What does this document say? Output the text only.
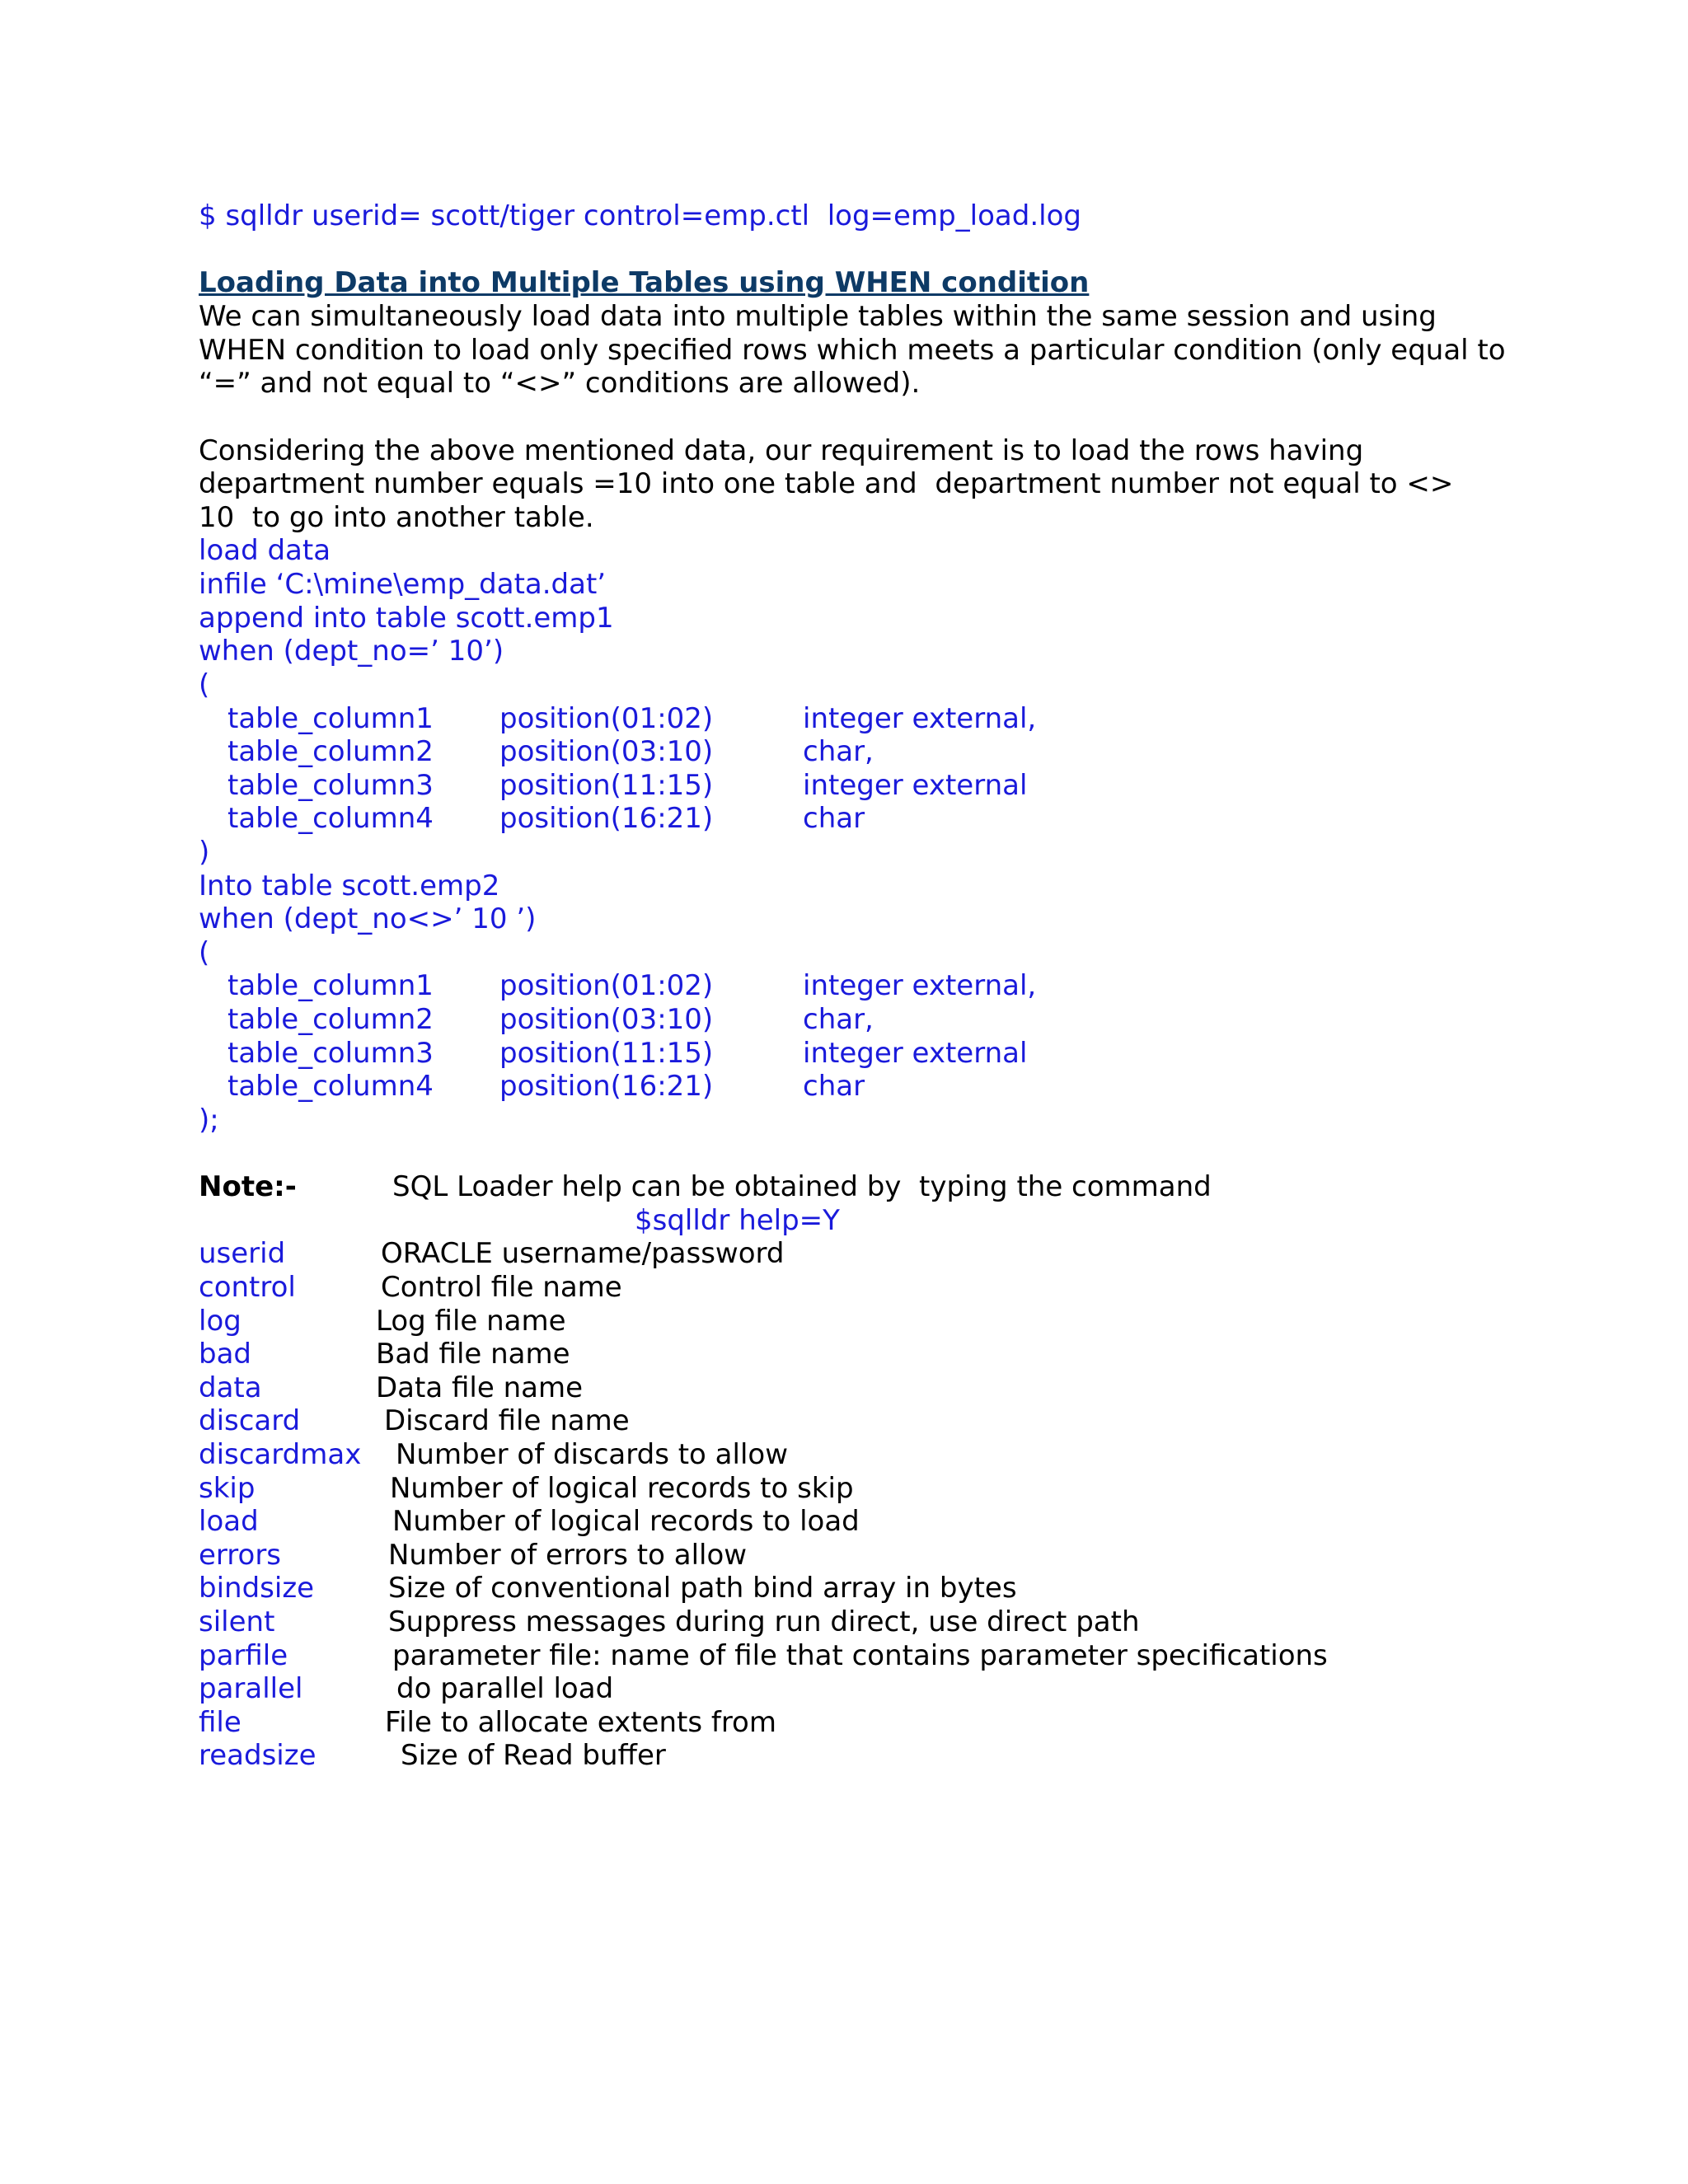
$ sqlldr userid= scott/tiger control=emp.ctl  log=emp_load.log
Loading Data into Multiple Tables using WHEN condition
We can simultaneously load data into multiple tables within the same session and using
WHEN condition to load only specified rows which meets a particular condition (only equal to
“=” and not equal to “<>” conditions are allowed).
Considering the above mentioned data, our requirement is to load the rows having
department number equals =10 into one table and  department number not equal to <>
10  to go into another table.
load data
infile ‘C:\mine\emp_data.dat’
append into table scott.emp1
when (dept_no=’ 10’)
(
table_column1 position(01:02)	integer external,
table_column2 position(03:10)	char,
table_column3 position(11:15)	integer external
table_column4 position(16:21)	char
)
Into table scott.emp2
when (dept_no<>’ 10 ’)
(
table_column1 position(01:02)	integer external,
table_column2 position(03:10)	char,
table_column3 position(11:15)	integer external
table_column4 position(16:21)	char
);
Note:-	SQL Loader help can be obtained by  typing the command
$sqlldr help=Y
userid	ORACLE username/password
control	Control file name
log	Log file name
bad	Bad file name
data	Data file name
discard	Discard file name
discardmax Number of discards to allow
skip	Number of logical records to skip
load	Number of logical records to load
errors	Number of errors to allow
bindsize	Size of conventional path bind array in bytes
silent	Suppress messages during run direct, use direct path
parfile	parameter file: name of file that contains parameter specifications
parallel	do parallel load
file	File to allocate extents from
readsize	Size of Read buffer
